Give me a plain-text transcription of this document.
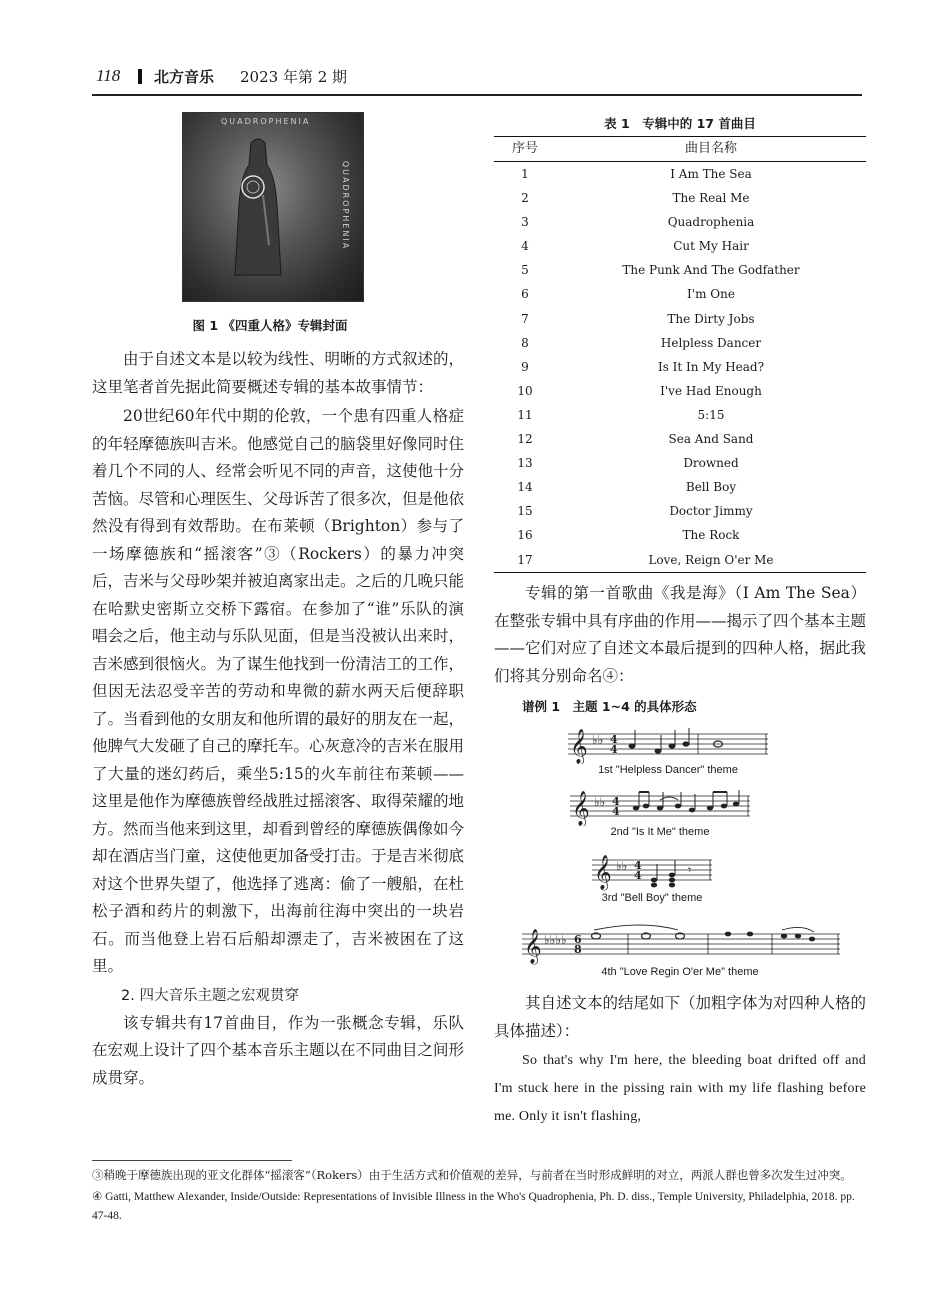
118 北方音乐 2023 年第 2 期
QUADROPHENIA
QUADROPHENIA
图 1 《四重人格》专辑封面

由于自述文本是以较为线性、明晰的方式叙述的，这里笔者首先据此简要概述专辑的基本故事情节：

20世纪60年代中期的伦敦，一个患有四重人格症的年轻摩德族叫吉米。他感觉自己的脑袋里好像同时住着几个不同的人、经常会听见不同的声音，这使他十分苦恼。尽管和心理医生、父母诉苦了很多次，但是他依然没有得到有效帮助。在布莱顿（Brighton）参与了一场摩德族和“摇滚客”③（Rockers）的暴力冲突后，吉米与父母吵架并被迫离家出走。之后的几晚只能在哈默史密斯立交桥下露宿。在参加了“谁”乐队的演唱会之后，他主动与乐队见面，但是当没被认出来时，吉米感到很恼火。为了谋生他找到一份清洁工的工作，但因无法忍受辛苦的劳动和卑微的薪水两天后便辞职了。当看到他的女朋友和他所谓的最好的朋友在一起，他脾气大发砸了自己的摩托车。心灰意冷的吉米在服用了大量的迷幻药后，乘坐5:15的火车前往布莱顿——这里是他作为摩德族曾经战胜过摇滚客、取得荣耀的地方。然而当他来到这里，却看到曾经的摩德族偶像如今却在酒店当门童，这使他更加备受打击。于是吉米彻底对这个世界失望了，他选择了逃离：偷了一艘船，在杜松子酒和药片的刺激下，出海前往海中突出的一块岩石。而当他登上岩石后船却漂走了，吉米被困在了这里。

2. 四大音乐主题之宏观贯穿

该专辑共有17首曲目，作为一张概念专辑，乐队在宏观上设计了四个基本音乐主题以在不同曲目之间形成贯穿。

表 1　专辑中的 17 首曲目
序号	曲目名称
1	I Am The Sea
2	The Real Me
3	Quadrophenia
4	Cut My Hair
5	The Punk And The Godfather
6	I'm One
7	The Dirty Jobs
8	Helpless Dancer
9	Is It In My Head?
10	I've Had Enough
11	5:15
12	Sea And Sand
13	Drowned
14	Bell Boy
15	Doctor Jimmy
16	The Rock
17	Love, Reign O'er Me

专辑的第一首歌曲《我是海》（I Am The Sea）在整张专辑中具有序曲的作用——揭示了四个基本主题——它们对应了自述文本最后提到的四种人格，据此我们将其分别命名④：

谱例 1　主题 1~4 的具体形态
𝄞 ♭♭ 4
4
1st "Helpless Dancer" theme
𝄞 ♭♭ 4
4
2nd "Is It Me" theme
𝄞 ♭♭ 4
4	𝄾
3rd "Bell Boy" theme
𝄞 ♭♭♭♭ 6
8
4th "Love Regin O'er Me" theme

其自述文本的结尾如下（加粗字体为对四种人格的具体描述）：

So that's why I'm here, the bleeding boat drifted off and I'm stuck here in the pissing rain with my life flashing before me. Only it isn't flashing,

③稍晚于摩德族出现的亚文化群体“摇滚客”（Rokers）由于生活方式和价值观的差异，与前者在当时形成鲜明的对立，两派人群也曾多次发生过冲突。

④ Gatti, Matthew Alexander, Inside/Outside: Representations of Invisible Illness in the Who's Quadrophenia, Ph. D. diss., Temple University, Philadelphia, 2018. pp. 47-48.
